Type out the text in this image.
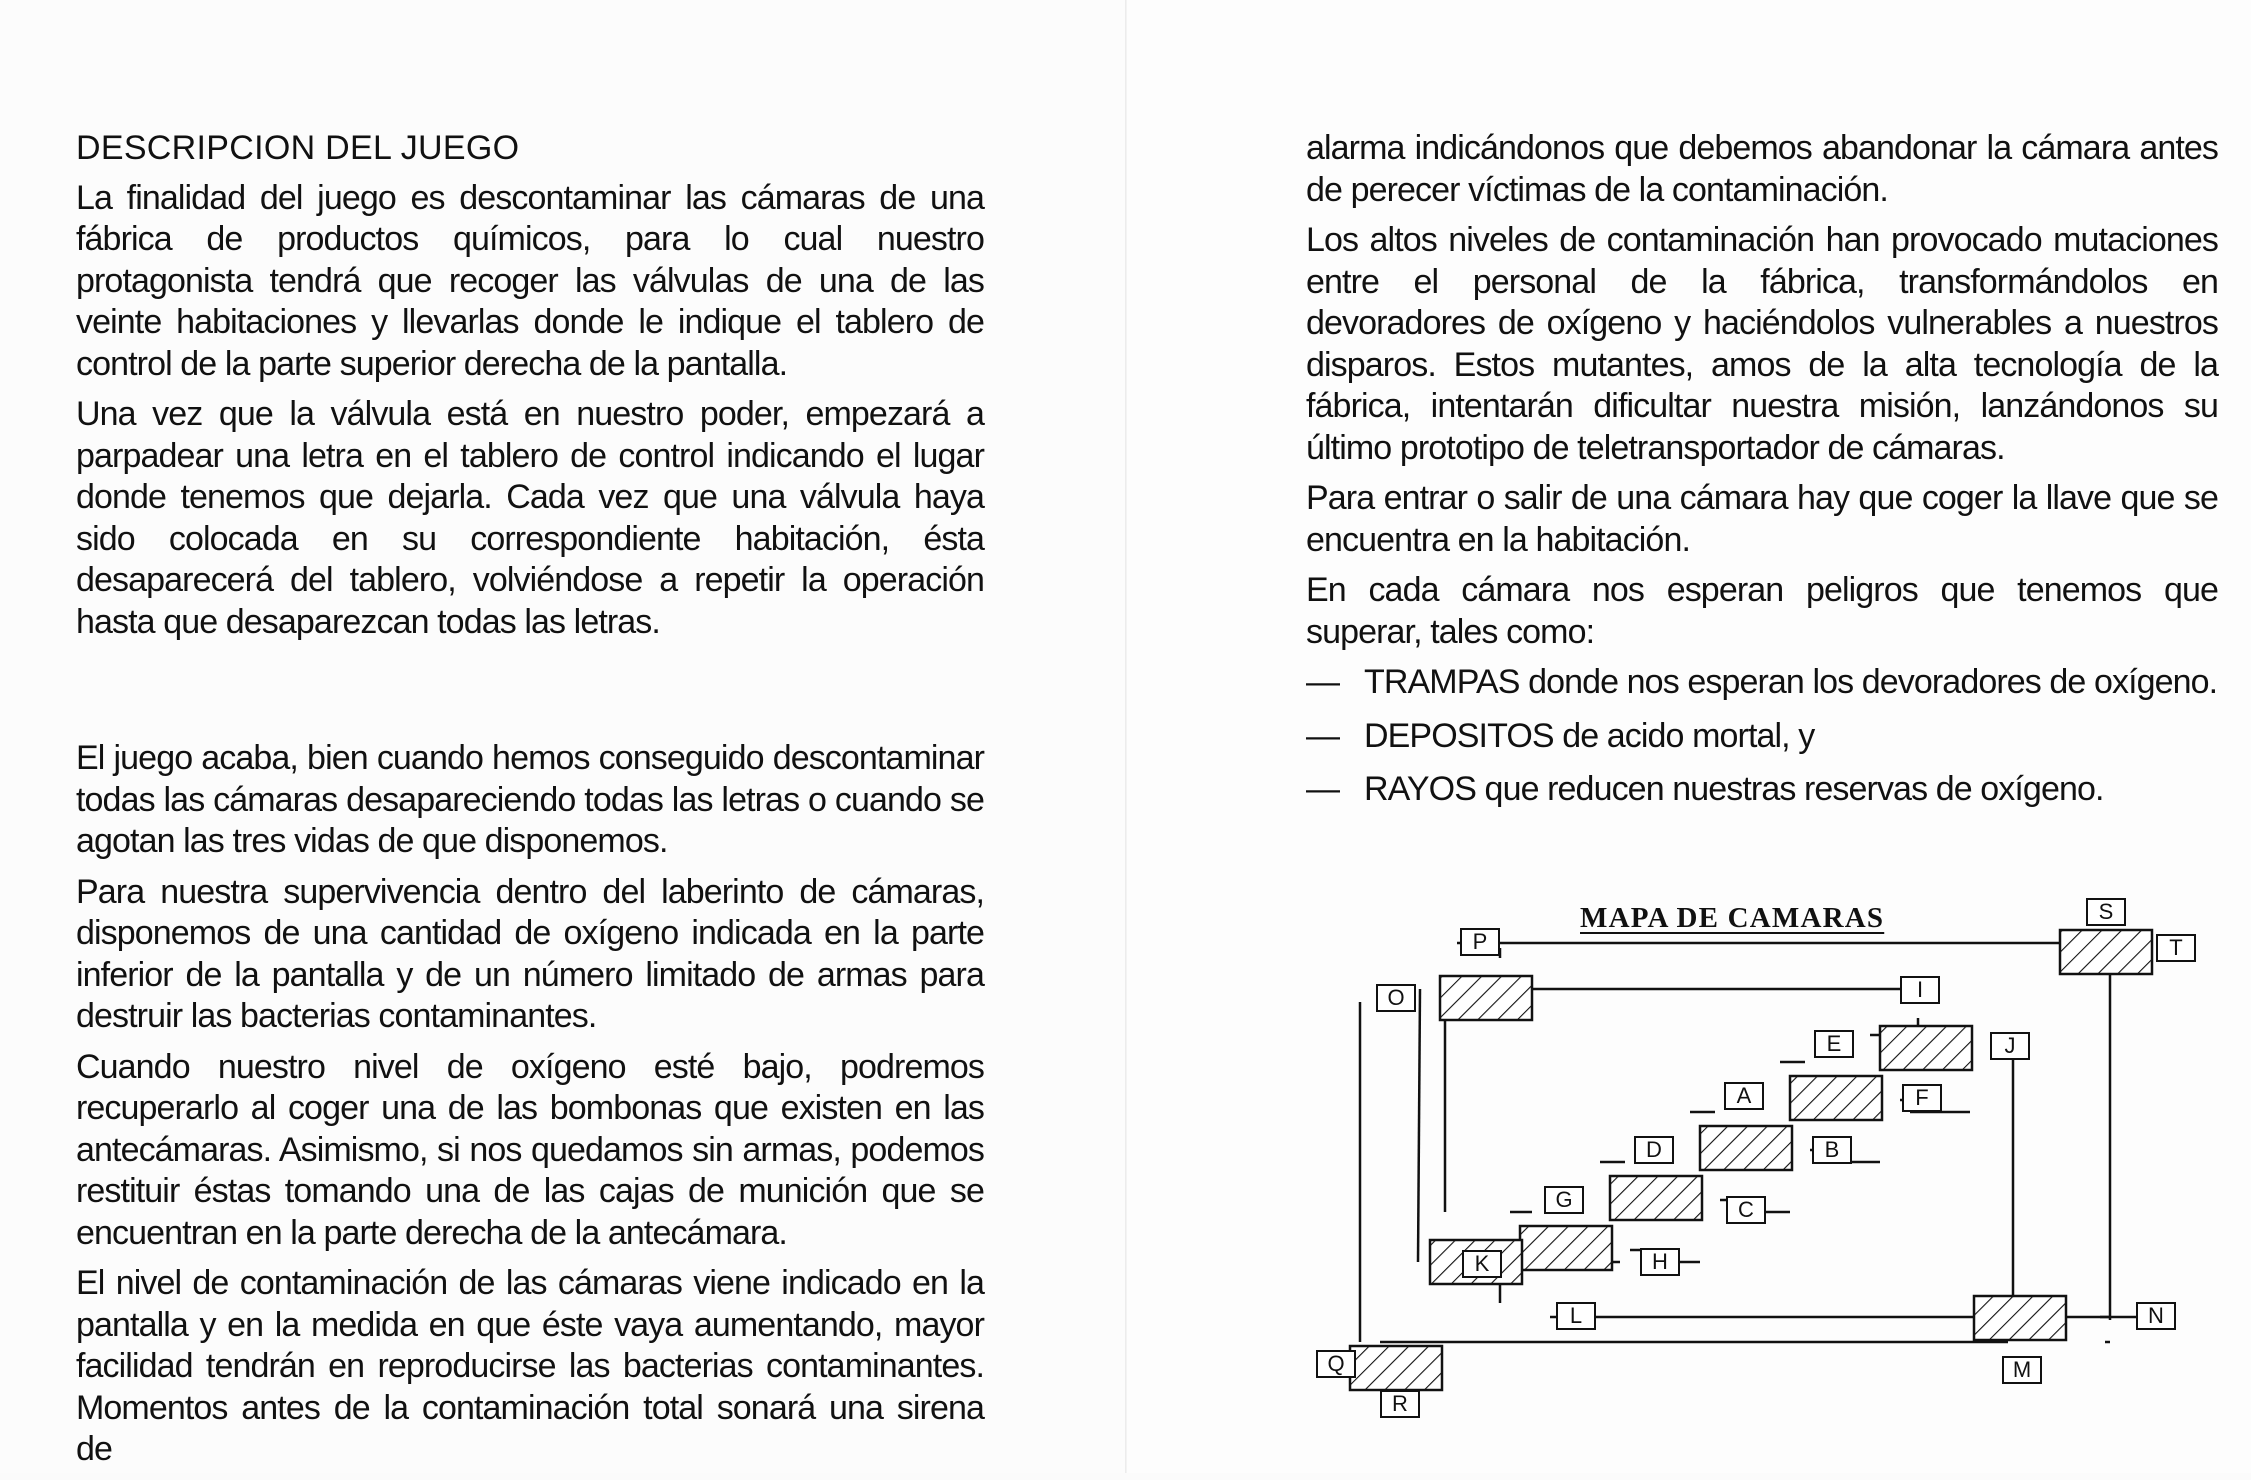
DESCRIPCION DEL JUEGO

La finalidad del juego es descontaminar las cámaras de una fábrica de productos químicos, para lo cual nuestro protagonista tendrá que recoger las válvulas de una de las veinte habitaciones y llevarlas donde le indique el tablero de control de la parte superior derecha de la pantalla.

Una vez que la válvula está en nuestro poder, empezará a parpadear una letra en el tablero de control indicando el lugar donde tenemos que dejarla. Cada vez que una válvula haya sido colocada en su correspondiente habitación, ésta desaparecerá del tablero, volviéndose a repetir la operación hasta que desaparezcan todas las letras.

El juego acaba, bien cuando hemos conseguido descontaminar todas las cámaras desapareciendo todas las letras o cuando se agotan las tres vidas de que disponemos.

Para nuestra supervivencia dentro del laberinto de cámaras, disponemos de una cantidad de oxígeno indicada en la parte inferior de la pantalla y de un número limitado de armas para destruir las bacterias contaminantes.

Cuando nuestro nivel de oxígeno esté bajo, podremos recuperarlo al coger una de las bombonas que existen en las antecámaras. Asimismo, si nos quedamos sin armas, podemos restituir éstas tomando una de las cajas de munición que se encuentran en la parte derecha de la antecámara.

El nivel de contaminación de las cámaras viene indicado en la pantalla y en la medida en que éste vaya aumentando, mayor facilidad tendrán en reproducirse las bacterias contaminantes. Momentos antes de la contaminación total sonará una sirena de

alarma indicándonos que debemos abandonar la cámara antes de perecer víctimas de la contaminación.

Los altos niveles de contaminación han provocado mutaciones entre el personal de la fábrica, transformándolos en devoradores de oxígeno y haciéndolos vulnerables a nuestros disparos. Estos mutantes, amos de la alta tecnología de la fábrica, intentarán dificultar nuestra misión, lanzándonos su último prototipo de teletransportador de cámaras.

Para entrar o salir de una cámara hay que coger la llave que se encuentra en la habitación.

En cada cámara nos esperan peligros que tenemos que superar, tales como:

— TRAMPAS donde nos esperan los devoradores de oxígeno.
— DEPOSITOS de acido mortal, y
— RAYOS que reducen nuestras reservas de oxígeno.
MAPA DE CAMARAS
P
S
T
O	I
E	J
A	F
D	B
G	C
K	H
L	N
Q	M
R
